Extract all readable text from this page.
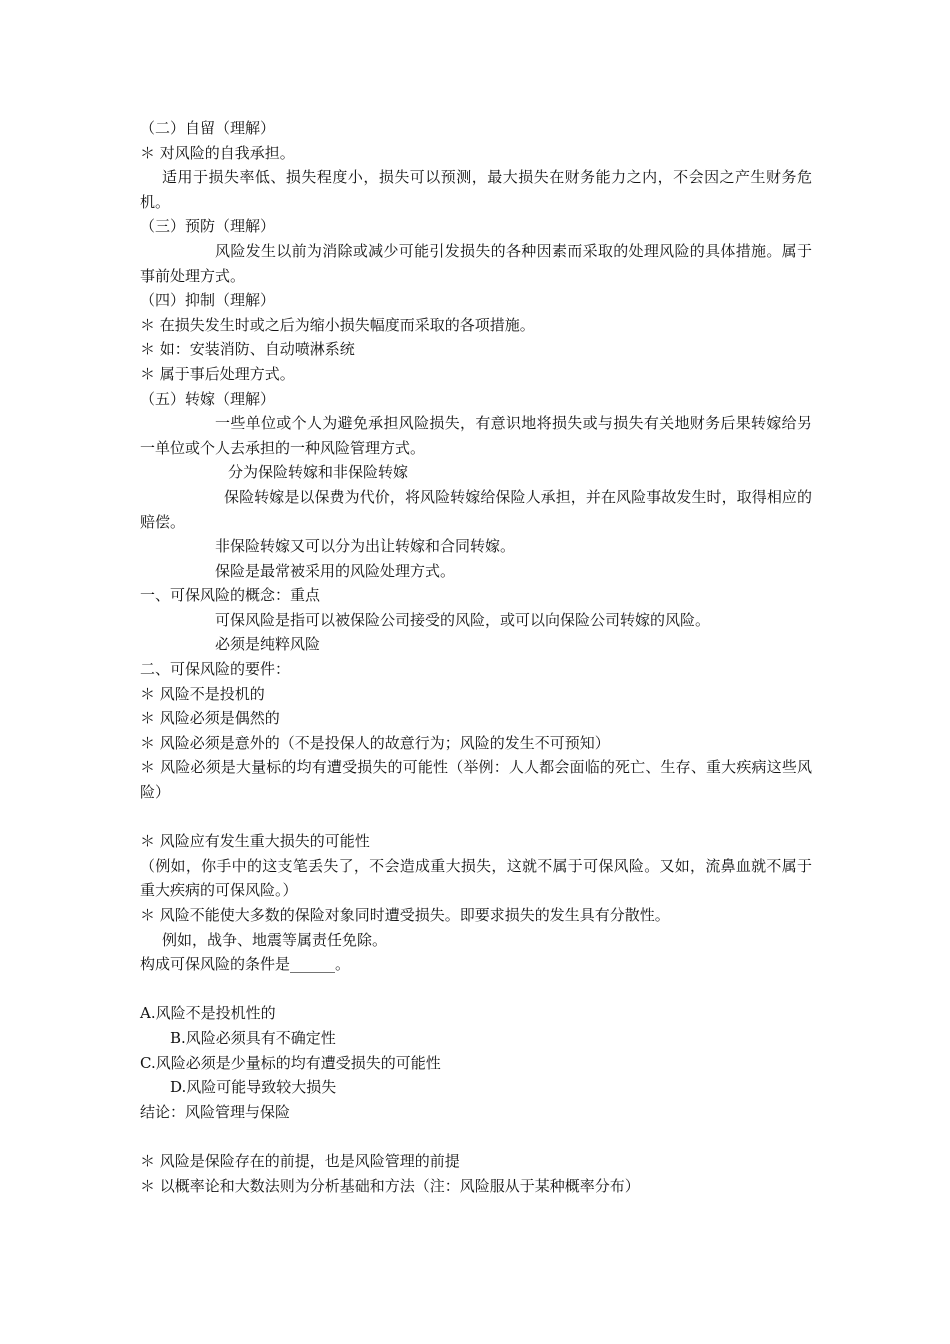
（二）自留（理解）

＊ 对风险的自我承担。

适用于损失率低、损失程度小，损失可以预测，最大损失在财务能力之内，不会因之产生财务危机。

（三）预防（理解）

风险发生以前为消除或减少可能引发损失的各种因素而采取的处理风险的具体措施。属于事前处理方式。

（四）抑制（理解）

＊ 在损失发生时或之后为缩小损失幅度而采取的各项措施。

＊ 如：安装消防、自动喷淋系统

＊ 属于事后处理方式。

（五）转嫁（理解）

一些单位或个人为避免承担风险损失，有意识地将损失或与损失有关地财务后果转嫁给另一单位或个人去承担的一种风险管理方式。

分为保险转嫁和非保险转嫁

保险转嫁是以保费为代价，将风险转嫁给保险人承担，并在风险事故发生时，取得相应的赔偿。

非保险转嫁又可以分为出让转嫁和合同转嫁。

保险是最常被采用的风险处理方式。

一、可保风险的概念：重点

可保风险是指可以被保险公司接受的风险，或可以向保险公司转嫁的风险。

必须是纯粹风险

二、可保风险的要件：

＊ 风险不是投机的

＊ 风险必须是偶然的

＊ 风险必须是意外的（不是投保人的故意行为；风险的发生不可预知）

＊ 风险必须是大量标的均有遭受损失的可能性（举例：人人都会面临的死亡、生存、重大疾病这些风险）

＊ 风险应有发生重大损失的可能性

（例如，你手中的这支笔丢失了，不会造成重大损失，这就不属于可保风险。又如，流鼻血就不属于重大疾病的可保风险。）

＊ 风险不能使大多数的保险对象同时遭受损失。即要求损失的发生具有分散性。

例如，战争、地震等属责任免除。

构成可保风险的条件是______。

A.风险不是投机性的

B.风险必须具有不确定性

C.风险必须是少量标的均有遭受损失的可能性

D.风险可能导致较大损失

结论：风险管理与保险

＊ 风险是保险存在的前提，也是风险管理的前提

＊ 以概率论和大数法则为分析基础和方法（注：风险服从于某种概率分布）
